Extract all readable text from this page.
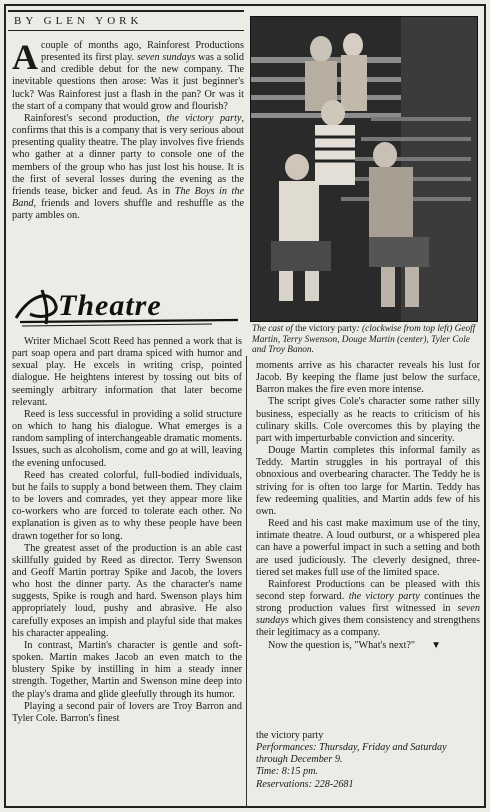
BY GLEN YORK

Acouple of months ago, Rainforest Productions presented its first play. seven sundays was a solid and credible debut for the new company. The inevitable questions then arose: Was it just beginner's luck? Was Rainforest just a flash in the pan? Or was it the start of a company that would grow and flourish?

Rainforest's second production, the victory party, confirms that this is a company that is very serious about presenting quality theatre. The play involves five friends who gather at a dinner party to console one of the members of the group who has just lost his house. It is the first of several losses during the evening as the friends tease, bicker and feud. As in The Boys in the Band, friends and lovers shuffle and reshuffle as the party ambles on.

Theatre
The cast of the victory party: (clockwise from top left) Geoff Martin, Terry Swenson, Douge Martin (center), Tyler Cole and Troy Banon.

Writer Michael Scott Reed has penned a work that is part soap opera and part drama spiced with humor and sexual play. He excels in writing crisp, pointed dialogue. He heightens interest by tossing out bits of seemingly arbitrary information that later become relevant.

Reed is less successful in providing a solid structure on which to hang his dialogue. What emerges is a random sampling of interchangeable dramatic moments. Issues, such as alcoholism, come and go at will, leaving the evening unfocused.

Reed has created colorful, full-bodied individuals, but he fails to supply a bond between them. They claim to be lovers and comrades, yet they appear more like co-workers who are forced to tolerate each other. No explanation is given as to why these people have been drawn together for so long.

The greatest asset of the production is an able cast skillfully guided by Reed as director. Terry Swenson and Geoff Martin portray Spike and Jacob, the lovers who host the dinner party. As the character's name suggests, Spike is rough and hard. Swenson plays him appropriately loud, pushy and abrasive. He also carefully exposes an impish and playful side that makes his character appealing.

In contrast, Martin's character is gentle and soft-spoken. Martin makes Jacob an even match to the blustery Spike by instilling in him a steady inner strength. Together, Martin and Swenson mine deep into the play's drama and glide gleefully through its humor.

Playing a second pair of lovers are Troy Barron and Tyler Cole. Barron's finest

moments arrive as his character reveals his lust for Jacob. By keeping the flame just below the surface, Barron makes the fire even more intense.

The script gives Cole's character some rather silly business, especially as he reacts to criticism of his culinary skills. Cole overcomes this by playing the part with imperturbable conviction and sincerity.

Douge Martin completes this informal family as Teddy. Martin struggles in his portrayal of this obnoxious and overbearing character. The Teddy he is striving for is often too large for Martin. Teddy has few redeeming qualities, and Martin adds few of his own.

Reed and his cast make maximum use of the tiny, intimate theatre. A loud outburst, or a whispered plea can have a powerful impact in such a setting and both are used judiciously. The cleverly designed, three-tiered set makes full use of the limited space.

Rainforest Productions can be pleased with this second step forward. the victory party continues the strong production values first witnessed in seven sundays which gives them consistency and strengthens their legitimacy as a company.

Now the question is, "What's next?" ▼

the victory party
Performances: Thursday, Friday and Saturday through December 9.
Time: 8:15 pm.
Reservations: 228-2681
